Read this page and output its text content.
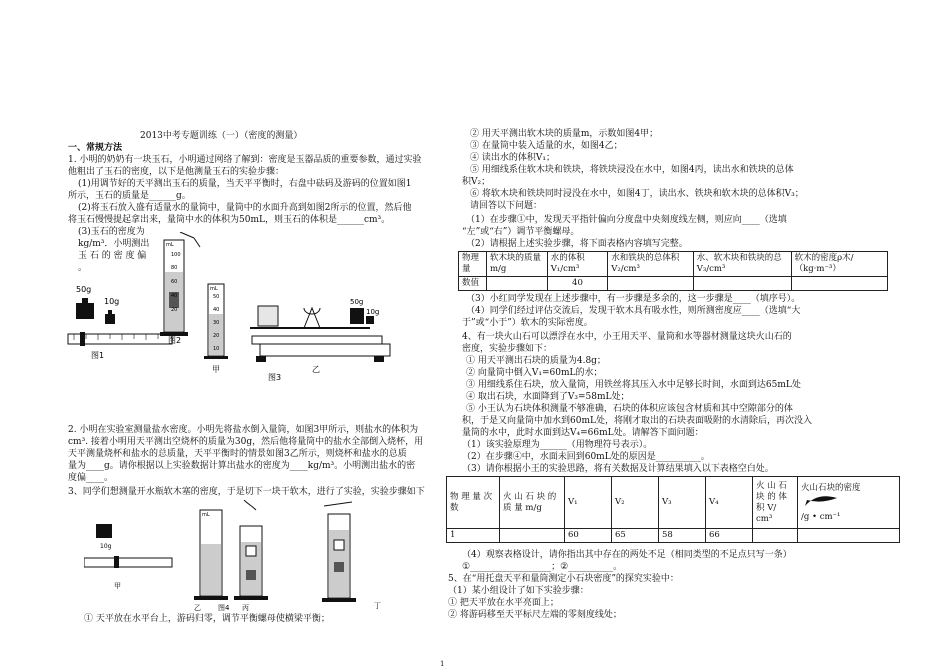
2013中考专题训练（一）（密度的测量）
一、常规方法
1. 小明的奶奶有一块玉石，小明通过网络了解到：密度是玉器品质的重要参数，通过实验
他粗出了玉石的密度，以下是他测量玉石的实验步骤：
(1)用调节好的天平测出玉石的质量，当天平平衡时，右盘中砝码及游码的位置如图1
所示，玉石的质量是______g。
(2)将玉石放入盛有适量水的量筒中，量筒中的水面升高到如图2所示的位置，然后他
将玉石慢慢提起拿出来，量筒中水的体积为50mL，则玉石的体积是______cm³。
(3)玉石的密度为
kg/m³．小明测出
玉 石 的 密 度 偏
。
50g
10g
图1
mL
100
80
60
40
20
图2
mL
50
40
30
20
10
甲
50g
10g
乙
图3
2. 小明在实验室测量盐水密度。小明先将盐水倒入量筒，如图3甲所示，则盐水的体积为
cm³. 接着小明用天平测出空烧杯的质量为30g，然后他将量筒中的盐水全部倒入烧杯，用
天平测量烧杯和盐水的总质量，天平平衡时的情景如图3乙所示，则烧杯和盐水的总质
量为____g。请你根据以上实验数据计算出盐水的密度为____kg/m³。小明测出盐水的密
度偏____。
3、同学们想测量开水瓶软木塞的密度，于是切下一块干软木，进行了实验，实验步骤如下
10g
甲
mL
乙	丙
图4	丁
① 天平放在水平台上，游码归零，调节平衡螺母使横梁平衡；
② 用天平测出软木块的质量m，示数如图4甲；
③ 在量筒中装入适量的水，如图4乙；
④ 读出水的体积V₁；
⑤ 用细线系住软木块和铁块，将铁块浸没在水中，如图4丙，读出水和铁块的总体
积V₂；
⑥ 将软木块和铁块同时浸没在水中，如图4丁，读出水、铁块和软木块的总体积V₃；
请回答以下问题：
（1）在步骤①中，发现天平指针偏向分度盘中央刻度线左侧，则应向____（选填
“左”或“右”）调节平衡螺母。
（2）请根据上述实验步骤，将下面表格内容填写完整。
物理量	软木块的质量m/g	水的体积V₁/cm³	水和铁块的总体积V₂/cm³	水、软木块和铁块的总V₃/cm³	软木的密度ρ木/（kg·m⁻³）
数值		40			
（3）小红同学发现在上述步骤中，有一步骤是多余的，这一步骤是____（填序号）。
（4）同学们经过评估交流后，发现干软木具有吸水性，则所测密度应____（选填“大
于”或“小于”）软木的实际密度。
4、有一块火山石可以漂浮在水中，小王用天平、量筒和水等器材测量这块火山石的
密度，实验步骤如下：
① 用天平测出石块的质量为4.8g；
② 向量筒中倒入V₁=60mL的水；
③ 用细线系住石块，放入量筒，用铁丝将其压入水中足够长时间，水面到达65mL处
④ 取出石块，水面降到了V₃=58mL处；
⑤ 小王认为石块体积测量不够准确，石块的体积应该包含材质和其中空隙部分的体
积，于是又向量筒中加水到60mL处，将刚才取出的石块表面吸附的水清除后，再次没入
量筒的水中，此时水面到达V₄=66mL处。请解答下面问题：
（1）该实验原理为______（用物理符号表示）。
（2）在步骤④中，水面未回到60mL处的原因是__________。
（3）请你根据小王的实验思路，将有关数据及计算结果填入以下表格空白处。
物 理 量 次数	火 山 石 块 的 质 量 m/g	V₁	V₂	V₃	V₄	火 山 石 块 的 体 积 V/ cm³	火山石块的密度
/g • cm⁻¹

1		60	65	58	66		
（4）观察表格设计，请你指出其中存在的两处不足（相同类型的不足点只写一条）
①__________________；②__________。
5、在“用托盘天平和量筒测定小石块密度”的探究实验中：
（1）某小组设计了如下实验步骤：
① 把天平放在水平亮面上；
② 将游码移至天平标尺左端的零刻度线处；
1
